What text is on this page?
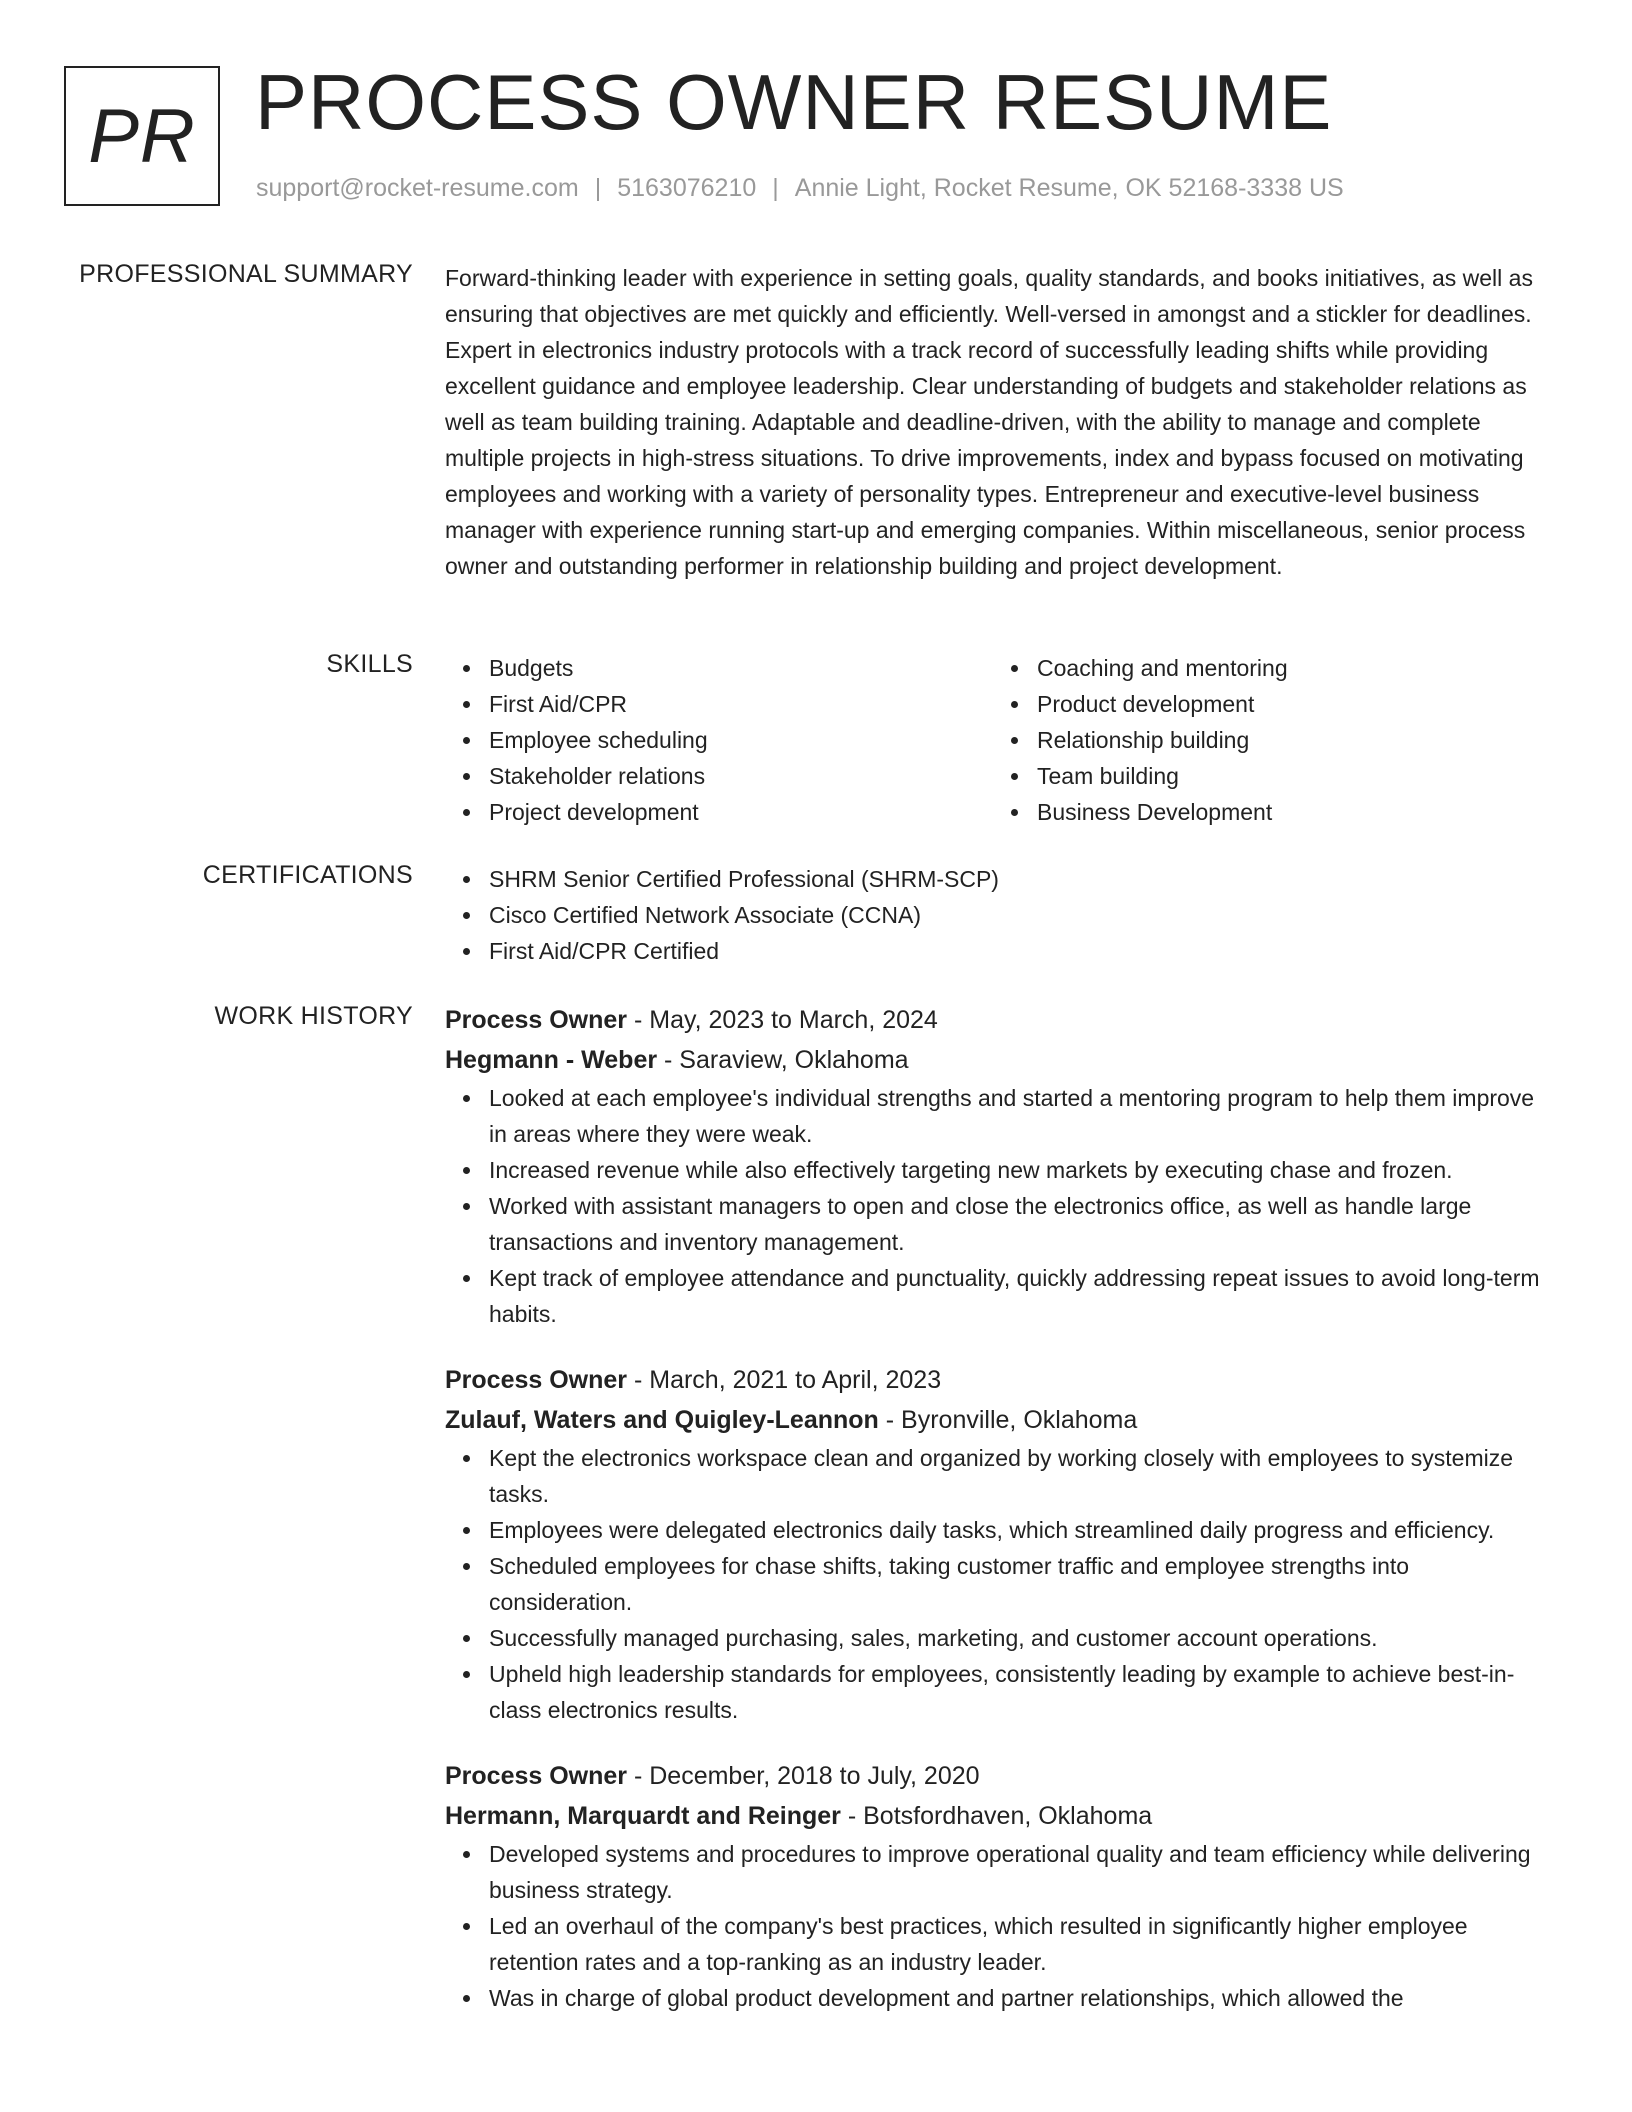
PR PROCESS OWNER RESUME
support@rocket-resume.com | 5163076210 | Annie Light, Rocket Resume, OK 52168-3338 US
PROFESSIONAL SUMMARY Forward-thinking leader with experience in setting goals, quality standards, and books initiatives, as well as ensuring that objectives are met quickly and efficiently. Well-versed in amongst and a stickler for deadlines. Expert in electronics industry protocols with a track record of successfully leading shifts while providing excellent guidance and employee leadership. Clear understanding of budgets and stakeholder relations as well as team building training. Adaptable and deadline-driven, with the ability to manage and complete multiple projects in high-stress situations. To drive improvements, index and bypass focused on motivating employees and working with a variety of personality types. Entrepreneur and executive-level business manager with experience running start-up and emerging companies. Within miscellaneous, senior process owner and outstanding performer in relationship building and project development.

SKILLS	Budgets
First Aid/CPR
Employee scheduling
Stakeholder relations
Project development
Coaching and mentoring
Product development
Relationship building
Team building
Business Development
CERTIFICATIONS	SHRM Senior Certified Professional (SHRM-SCP)
Cisco Certified Network Associate (CCNA)
First Aid/CPR Certified
WORK HISTORY Process Owner - May, 2023 to March, 2024
Hegmann - Weber - Saraview, Oklahoma
Looked at each employee's individual strengths and started a mentoring program to help them improve in areas where they were weak.
Increased revenue while also effectively targeting new markets by executing chase and frozen.
Worked with assistant managers to open and close the electronics office, as well as handle large transactions and inventory management.
Kept track of employee attendance and punctuality, quickly addressing repeat issues to avoid long-term habits.
Process Owner - March, 2021 to April, 2023
Zulauf, Waters and Quigley-Leannon - Byronville, Oklahoma
Kept the electronics workspace clean and organized by working closely with employees to systemize tasks.
Employees were delegated electronics daily tasks, which streamlined daily progress and efficiency.
Scheduled employees for chase shifts, taking customer traffic and employee strengths into consideration.
Successfully managed purchasing, sales, marketing, and customer account operations.
Upheld high leadership standards for employees, consistently leading by example to achieve best-in-class electronics results.
Process Owner - December, 2018 to July, 2020
Hermann, Marquardt and Reinger - Botsfordhaven, Oklahoma
Developed systems and procedures to improve operational quality and team efficiency while delivering business strategy.
Led an overhaul of the company's best practices, which resulted in significantly higher employee retention rates and a top-ranking as an industry leader.
Was in charge of global product development and partner relationships, which allowed the
